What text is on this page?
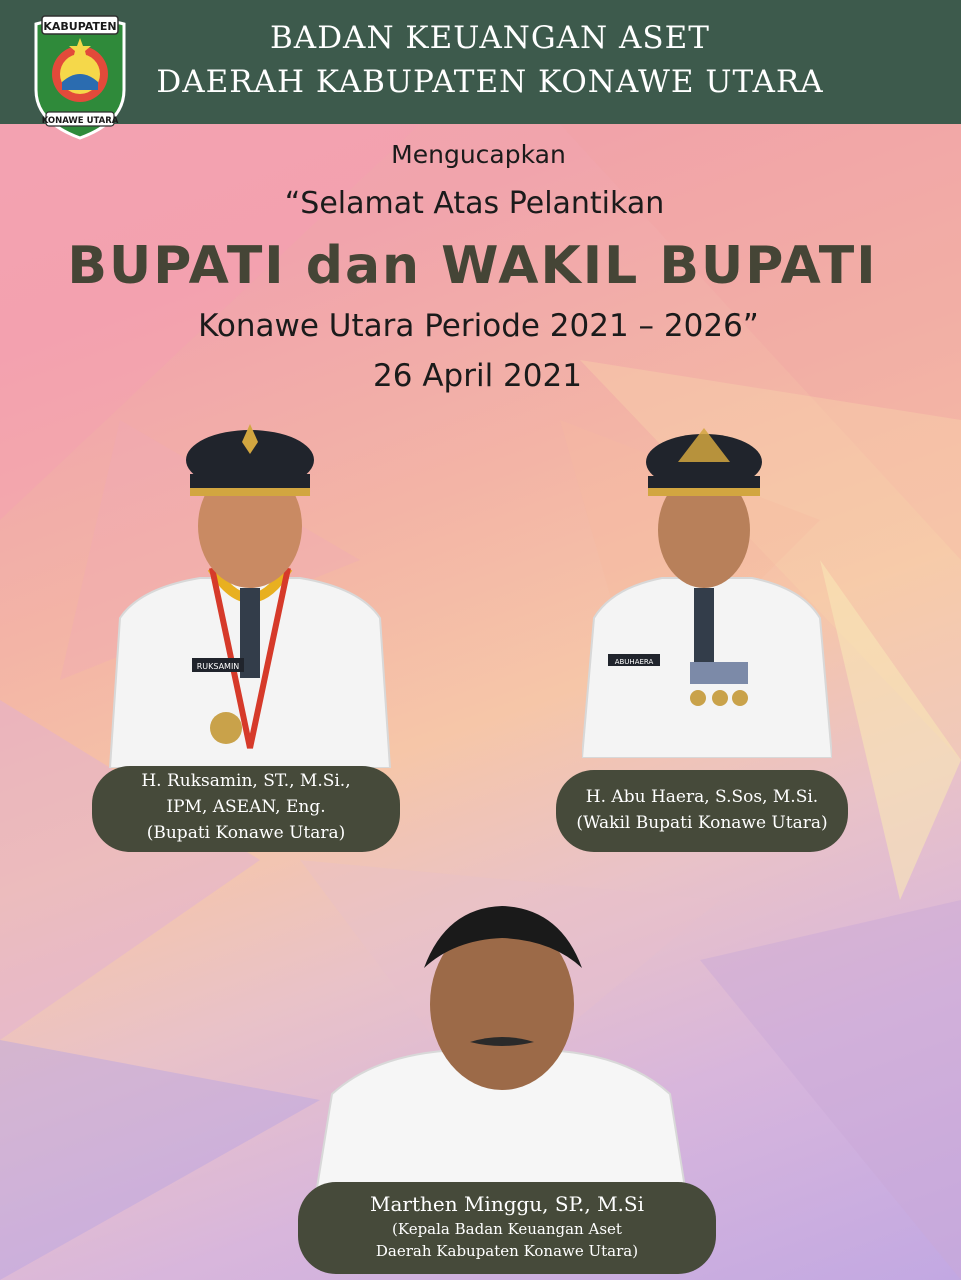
KABUPATEN
KONAWE UTARA
BADAN KEUANGAN ASET
DAERAH KABUPATEN KONAWE UTARA
Mengucapkan
“Selamat Atas Pelantikan
BUPATI dan WAKIL BUPATI
Konawe Utara Periode 2021 – 2026”
26 April 2021
RUKSAMIN	ABUHAERA
H. Ruksamin, ST., M.Si.,
IPM, ASEAN, Eng.
(Bupati Konawe Utara)
H. Abu Haera, S.Sos, M.Si.
(Wakil Bupati Konawe Utara)
Marthen Minggu, SP., M.Si
(Kepala Badan Keuangan Aset
Daerah Kabupaten Konawe Utara)
